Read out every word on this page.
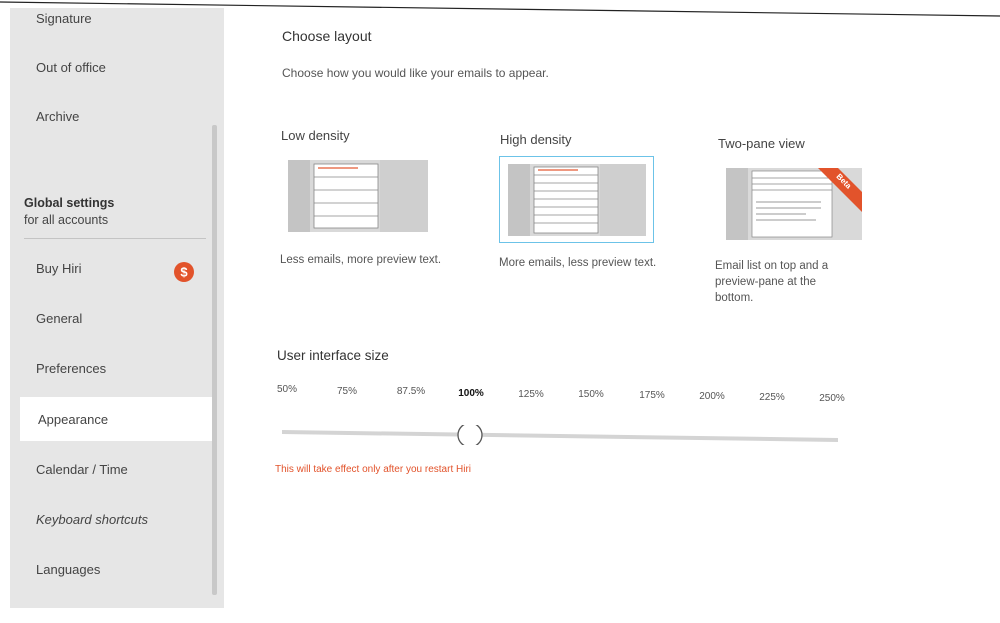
Signature
Out of office
Archive
Global settings
for all accounts
Buy Hiri	$
General
Preferences
Appearance
Calendar / Time
Keyboard shortcuts
Languages
Choose layout
Choose how you would like your emails to appear.
Low density
Less emails, more preview text.
High density
More emails, less preview text.
Two-pane view
Beta
Email list on top and a preview-pane at the bottom.
User interface size
50%	75%	87.5%	100%	125%	150%	175%	200%	225%	250%
This will take effect only after you restart Hiri
